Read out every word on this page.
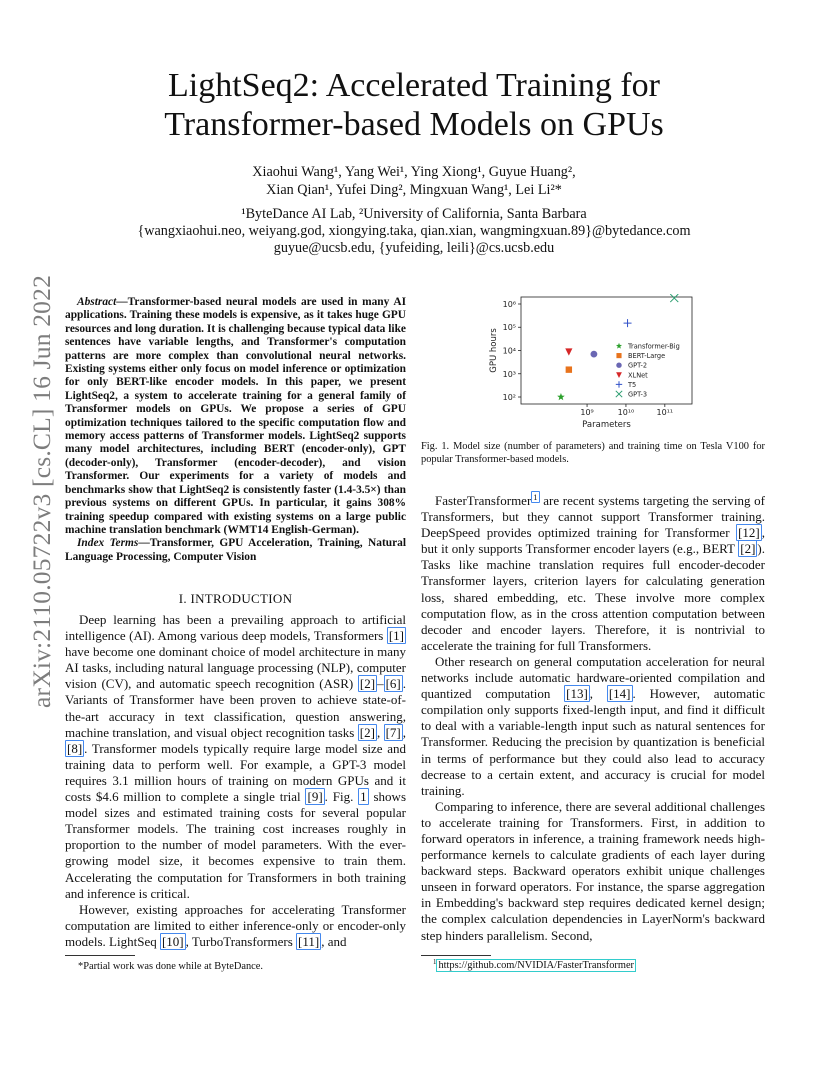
arXiv:2110.05722v3 [cs.CL] 16 Jun 2022
LightSeq2: Accelerated Training for
Transformer-based Models on GPUs
Xiaohui Wang¹, Yang Wei¹, Ying Xiong¹, Guyue Huang²,
Xian Qian¹, Yufei Ding², Mingxuan Wang¹, Lei Li²*
¹ByteDance AI Lab, ²University of California, Santa Barbara
{wangxiaohui.neo, weiyang.god, xiongying.taka, qian.xian, wangmingxuan.89}@bytedance.com
guyue@ucsb.edu, {yufeiding, leili}@cs.ucsb.edu

Abstract—Transformer-based neural models are used in many AI applications. Training these models is expensive, as it takes huge GPU resources and long duration. It is challenging because typical data like sentences have variable lengths, and Transformer's computation patterns are more complex than convolutional neural networks. Existing systems either only focus on model inference or optimization for only BERT-like encoder models. In this paper, we present LightSeq2, a system to accelerate training for a general family of Transformer models on GPUs. We propose a series of GPU optimization techniques tailored to the specific computation flow and memory access patterns of Transformer models. LightSeq2 supports many model architectures, including BERT (encoder-only), GPT (decoder-only), Transformer (encoder-decoder), and vision Transformer. Our experiments for a variety of models and benchmarks show that LightSeq2 is consistently faster (1.4-3.5×) than previous systems on different GPUs. In particular, it gains 308% training speedup compared with existing systems on a large public machine translation benchmark (WMT14 English-German).

Index Terms—Transformer, GPU Acceleration, Training, Natural Language Processing, Computer Vision

I. INTRODUCTION

Deep learning has been a prevailing approach to artificial intelligence (AI). Among various deep models, Transformers [1] have become one dominant choice of model architecture in many AI tasks, including natural language processing (NLP), computer vision (CV), and automatic speech recognition (ASR) [2] – [6] . Variants of Transformer have been proven to achieve state-of-the-art accuracy in text classification, question answering, machine translation, and visual object recognition tasks [2] , [7] , [8] . Transformer models typically require large model size and training data to perform well. For example, a GPT-3 model requires 3.1 million hours of training on modern GPUs and it costs $4.6 million to complete a single trial [9] . Fig. 1 shows model sizes and estimated training costs for several popular Transformer models. The training cost increases roughly in proportion to the number of model parameters. With the ever-growing model size, it becomes expensive to train them. Accelerating the computation for Transformers in both training and inference is critical.

However, existing approaches for accelerating Transformer computation are limited to either inference-only or encoder-only models. LightSeq [10] , TurboTransformers [11] , and

*Partial work was done while at ByteDance.
10⁹	10¹⁰	10¹¹
10²
10³
10⁴
10⁵
10⁶
Parameters
GPU hours	Transformer-Big
BERT-Large
GPT-2
XLNet
T5
GPT-3
Fig. 1. Model size (number of parameters) and training time on Tesla V100 for popular Transformer-based models.

FasterTransformer $^1$ are recent systems targeting the serving of Transformers, but they cannot support Transformer training. DeepSpeed provides optimized training for Transformer [12] , but it only supports Transformer encoder layers (e.g., BERT [2] ). Tasks like machine translation requires full encoder-decoder Transformer layers, criterion layers for calculating generation loss, shared embedding, etc. These involve more complex computation flow, as in the cross attention computation between decoder and encoder layers. Therefore, it is nontrivial to accelerate the training for full Transformers.

Other research on general computation acceleration for neural networks include automatic hardware-oriented compilation and quantized computation [13] , [14] . However, automatic compilation only supports fixed-length input, and find it difficult to deal with a variable-length input such as natural sentences for Transformer. Reducing the precision by quantization is beneficial in terms of performance but they could also lead to accuracy decrease to a certain extent, and accuracy is crucial for model training.

Comparing to inference, there are several additional challenges to accelerate training for Transformers. First, in addition to forward operators in inference, a training framework needs high-performance kernels to calculate gradients of each layer during backward steps. Backward operators exhibit unique challenges unseen in forward operators. For instance, the sparse aggregation in Embedding's backward step requires dedicated kernel design; the complex calculation dependencies in LayerNorm's backward step hinders parallelism. Second,

$^1$ https://github.com/NVIDIA/FasterTransformer
